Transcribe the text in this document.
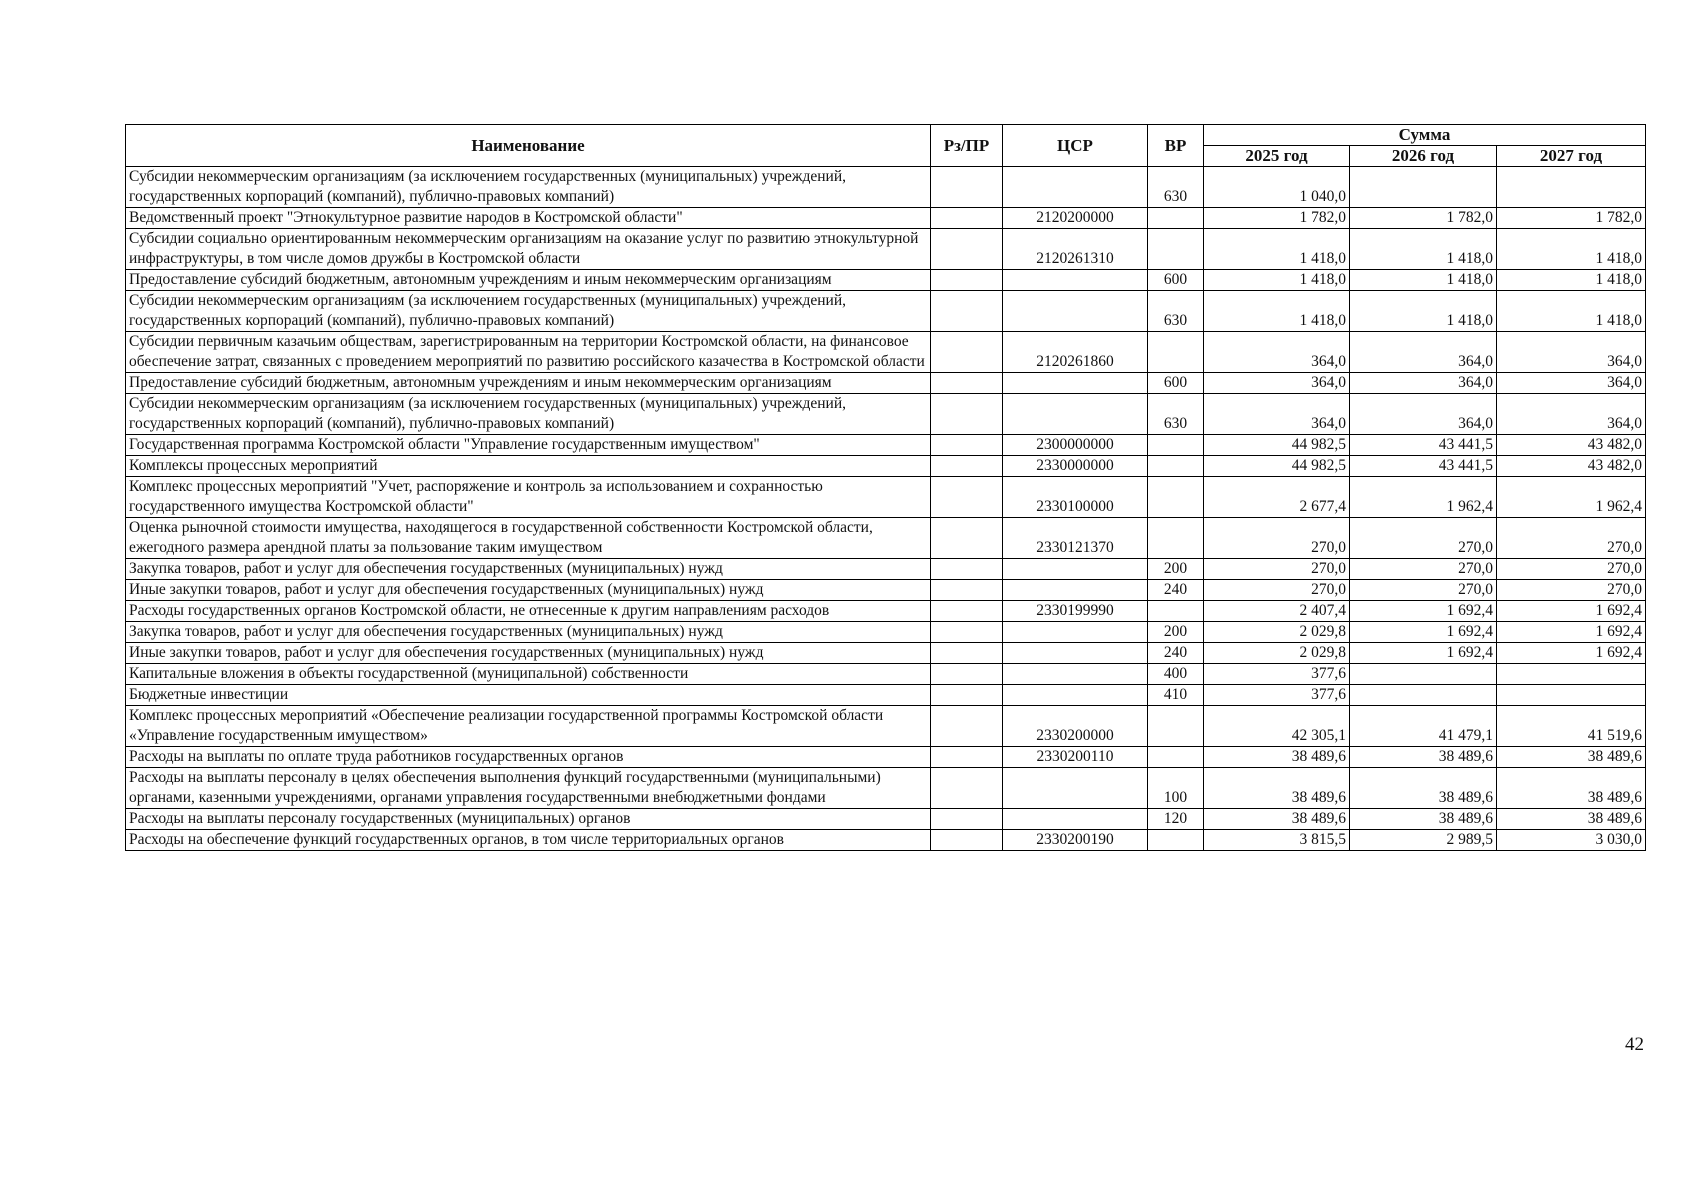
Наименование	Рз/ПР	ЦСР	ВР	Сумма		
				2025 год	2026 год	2027 год
Субсидии некоммерческим организациям (за исключением государственных (муниципальных) учреждений, государственных корпораций (компаний), публично-правовых компаний)			630	1 040,0		
Ведомственный проект "Этнокультурное развитие народов в Костромской области"		2120200000		1 782,0	1 782,0	1 782,0
Субсидии социально ориентированным некоммерческим организациям на оказание услуг по развитию этнокультурной инфраструктуры, в том числе домов дружбы в Костромской области		2120261310		1 418,0	1 418,0	1 418,0
Предоставление субсидий бюджетным, автономным учреждениям и иным некоммерческим организациям			600	1 418,0	1 418,0	1 418,0
Субсидии некоммерческим организациям (за исключением государственных (муниципальных) учреждений, государственных корпораций (компаний), публично-правовых компаний)			630	1 418,0	1 418,0	1 418,0
Субсидии первичным казачьим обществам, зарегистрированным на территории Костромской области, на финансовое обеспечение затрат, связанных с проведением мероприятий по развитию российского казачества в Костромской области		2120261860		364,0	364,0	364,0
Предоставление субсидий бюджетным, автономным учреждениям и иным некоммерческим организациям			600	364,0	364,0	364,0
Субсидии некоммерческим организациям (за исключением государственных (муниципальных) учреждений, государственных корпораций (компаний), публично-правовых компаний)			630	364,0	364,0	364,0
Государственная программа Костромской области "Управление государственным имуществом"		2300000000		44 982,5	43 441,5	43 482,0
Комплексы процессных мероприятий		2330000000		44 982,5	43 441,5	43 482,0
Комплекс процессных мероприятий "Учет, распоряжение и контроль за использованием и сохранностью государственного имущества Костромской области"		2330100000		2 677,4	1 962,4	1 962,4
Оценка рыночной стоимости имущества, находящегося в государственной собственности Костромской области, ежегодного размера арендной платы за пользование таким имуществом		2330121370		270,0	270,0	270,0
Закупка товаров, работ и услуг для обеспечения государственных (муниципальных) нужд			200	270,0	270,0	270,0
Иные закупки товаров, работ и услуг для обеспечения государственных (муниципальных) нужд			240	270,0	270,0	270,0
Расходы государственных органов Костромской области, не отнесенные к другим направлениям расходов		2330199990		2 407,4	1 692,4	1 692,4
Закупка товаров, работ и услуг для обеспечения государственных (муниципальных) нужд			200	2 029,8	1 692,4	1 692,4
Иные закупки товаров, работ и услуг для обеспечения государственных (муниципальных) нужд			240	2 029,8	1 692,4	1 692,4
Капитальные вложения в объекты государственной (муниципальной) собственности			400	377,6		
Бюджетные инвестиции			410	377,6		
Комплекс процессных мероприятий «Обеспечение реализации государственной программы Костромской области «Управление государственным имуществом»		2330200000		42 305,1	41 479,1	41 519,6
Расходы на выплаты по оплате труда работников государственных органов		2330200110		38 489,6	38 489,6	38 489,6
Расходы на выплаты персоналу в целях обеспечения выполнения функций государственными (муниципальными) органами, казенными учреждениями, органами управления государственными внебюджетными фондами			100	38 489,6	38 489,6	38 489,6
Расходы на выплаты персоналу государственных (муниципальных) органов			120	38 489,6	38 489,6	38 489,6
Расходы на обеспечение функций государственных органов, в том числе территориальных органов		2330200190		3 815,5	2 989,5	3 030,0
42
